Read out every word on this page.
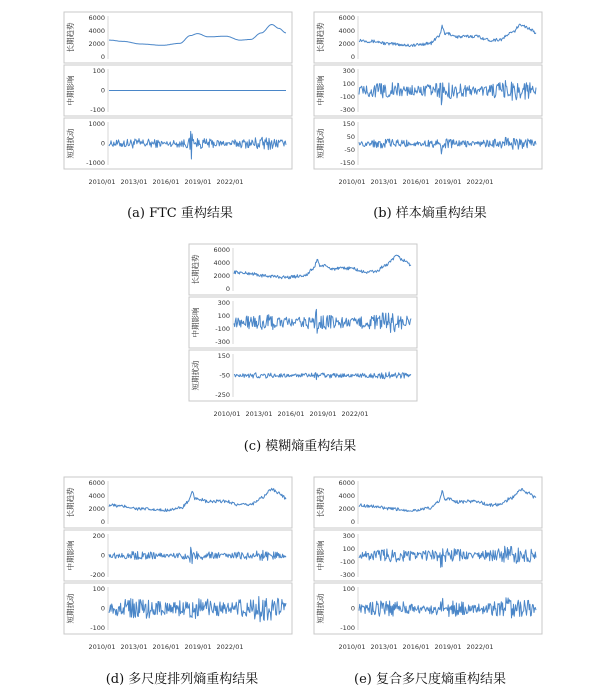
长期趋势
6000
4000
2000
0
中期影响
100
0
-100
短期扰动
1000
0
-1000
2010/01 2013/01 2016/01 2019/01 2022/01
(a) FTC 重构结果
长期趋势
6000
4000
2000
0
中期影响
300
100
-100
-300
短期扰动
150
50
-50
-150
2010/01 2013/01 2016/01 2019/01 2022/01
(b) 样本熵重构结果
长期趋势
6000
4000
2000
0
中期影响
300
100
-100
-300
短期扰动
150
-50
-250
2010/01 2013/01 2016/01 2019/01 2022/01
(c) 模糊熵重构结果
长期趋势
6000
4000
2000
0
中期影响
200
0
-200
短期扰动
100
0
-100
2010/01 2013/01 2016/01 2019/01 2022/01
(d) 多尺度排列熵重构结果
长期趋势
6000
4000
2000
0
中期影响
300
100
-100
-300
短期扰动
100
0
-100
2010/01 2013/01 2016/01 2019/01 2022/01
(e) 复合多尺度熵重构结果
